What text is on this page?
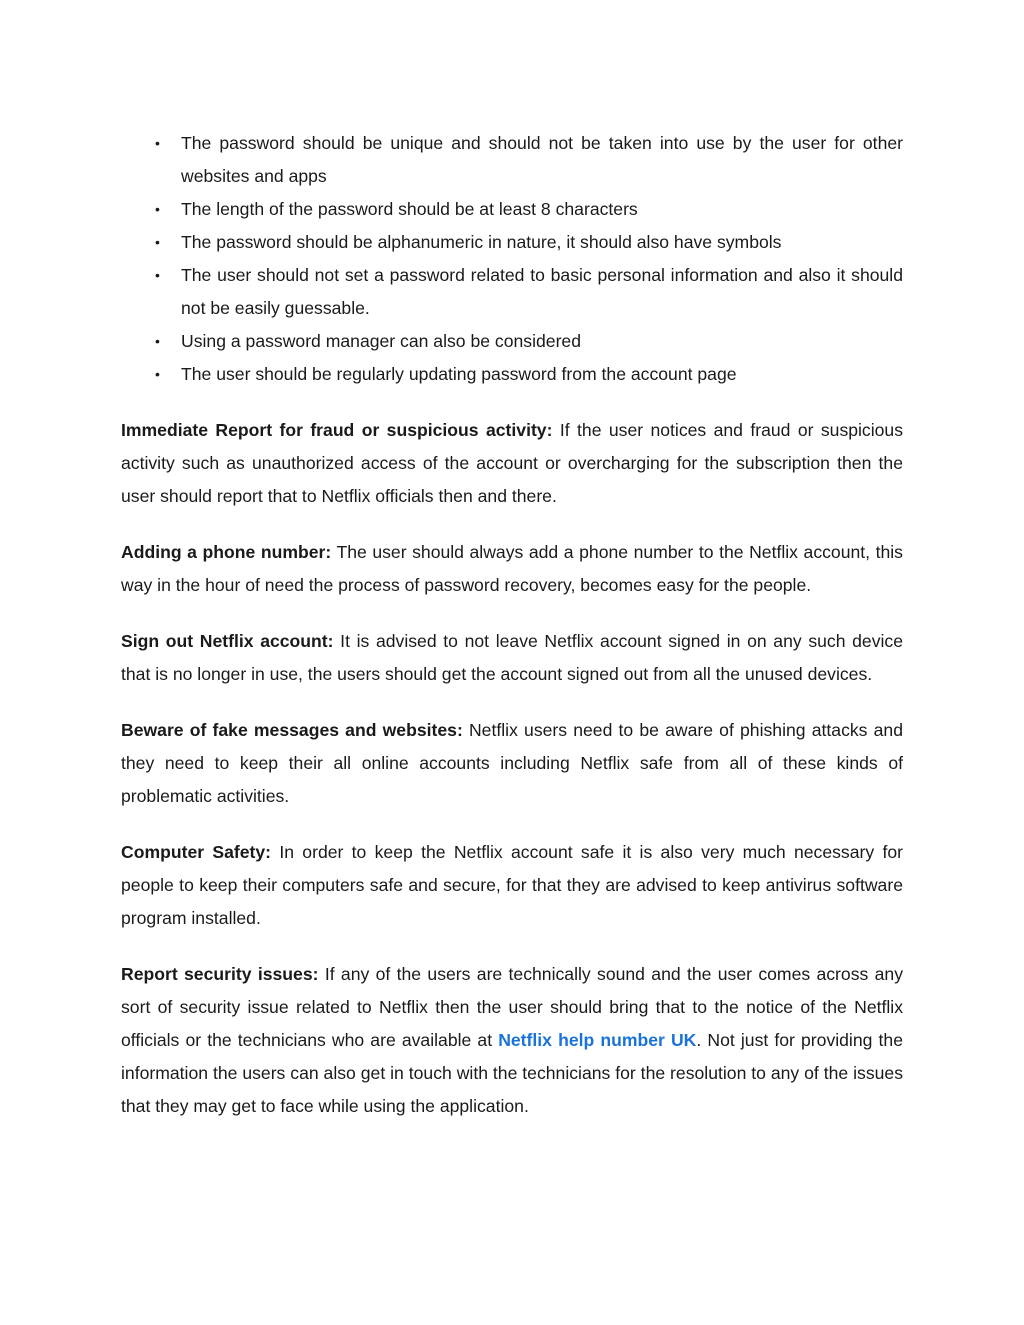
• The password should be unique and should not be taken into use by the user for other websites and apps
• The length of the password should be at least 8 characters
• The password should be alphanumeric in nature, it should also have symbols
• The user should not set a password related to basic personal information and also it should not be easily guessable.
• Using a password manager can also be considered
• The user should be regularly updating password from the account page

Immediate Report for fraud or suspicious activity: If the user notices and fraud or suspicious activity such as unauthorized access of the account or overcharging for the subscription then the user should report that to Netflix officials then and there.

Adding a phone number: The user should always add a phone number to the Netflix account, this way in the hour of need the process of password recovery, becomes easy for the people.

Sign out Netflix account: It is advised to not leave Netflix account signed in on any such device that is no longer in use, the users should get the account signed out from all the unused devices.

Beware of fake messages and websites: Netflix users need to be aware of phishing attacks and they need to keep their all online accounts including Netflix safe from all of these kinds of problematic activities.

Computer Safety: In order to keep the Netflix account safe it is also very much necessary for people to keep their computers safe and secure, for that they are advised to keep antivirus software program installed.

Report security issues: If any of the users are technically sound and the user comes across any sort of security issue related to Netflix then the user should bring that to the notice of the Netflix officials or the technicians who are available at Netflix help number UK. Not just for providing the information the users can also get in touch with the technicians for the resolution to any of the issues that they may get to face while using the application.
